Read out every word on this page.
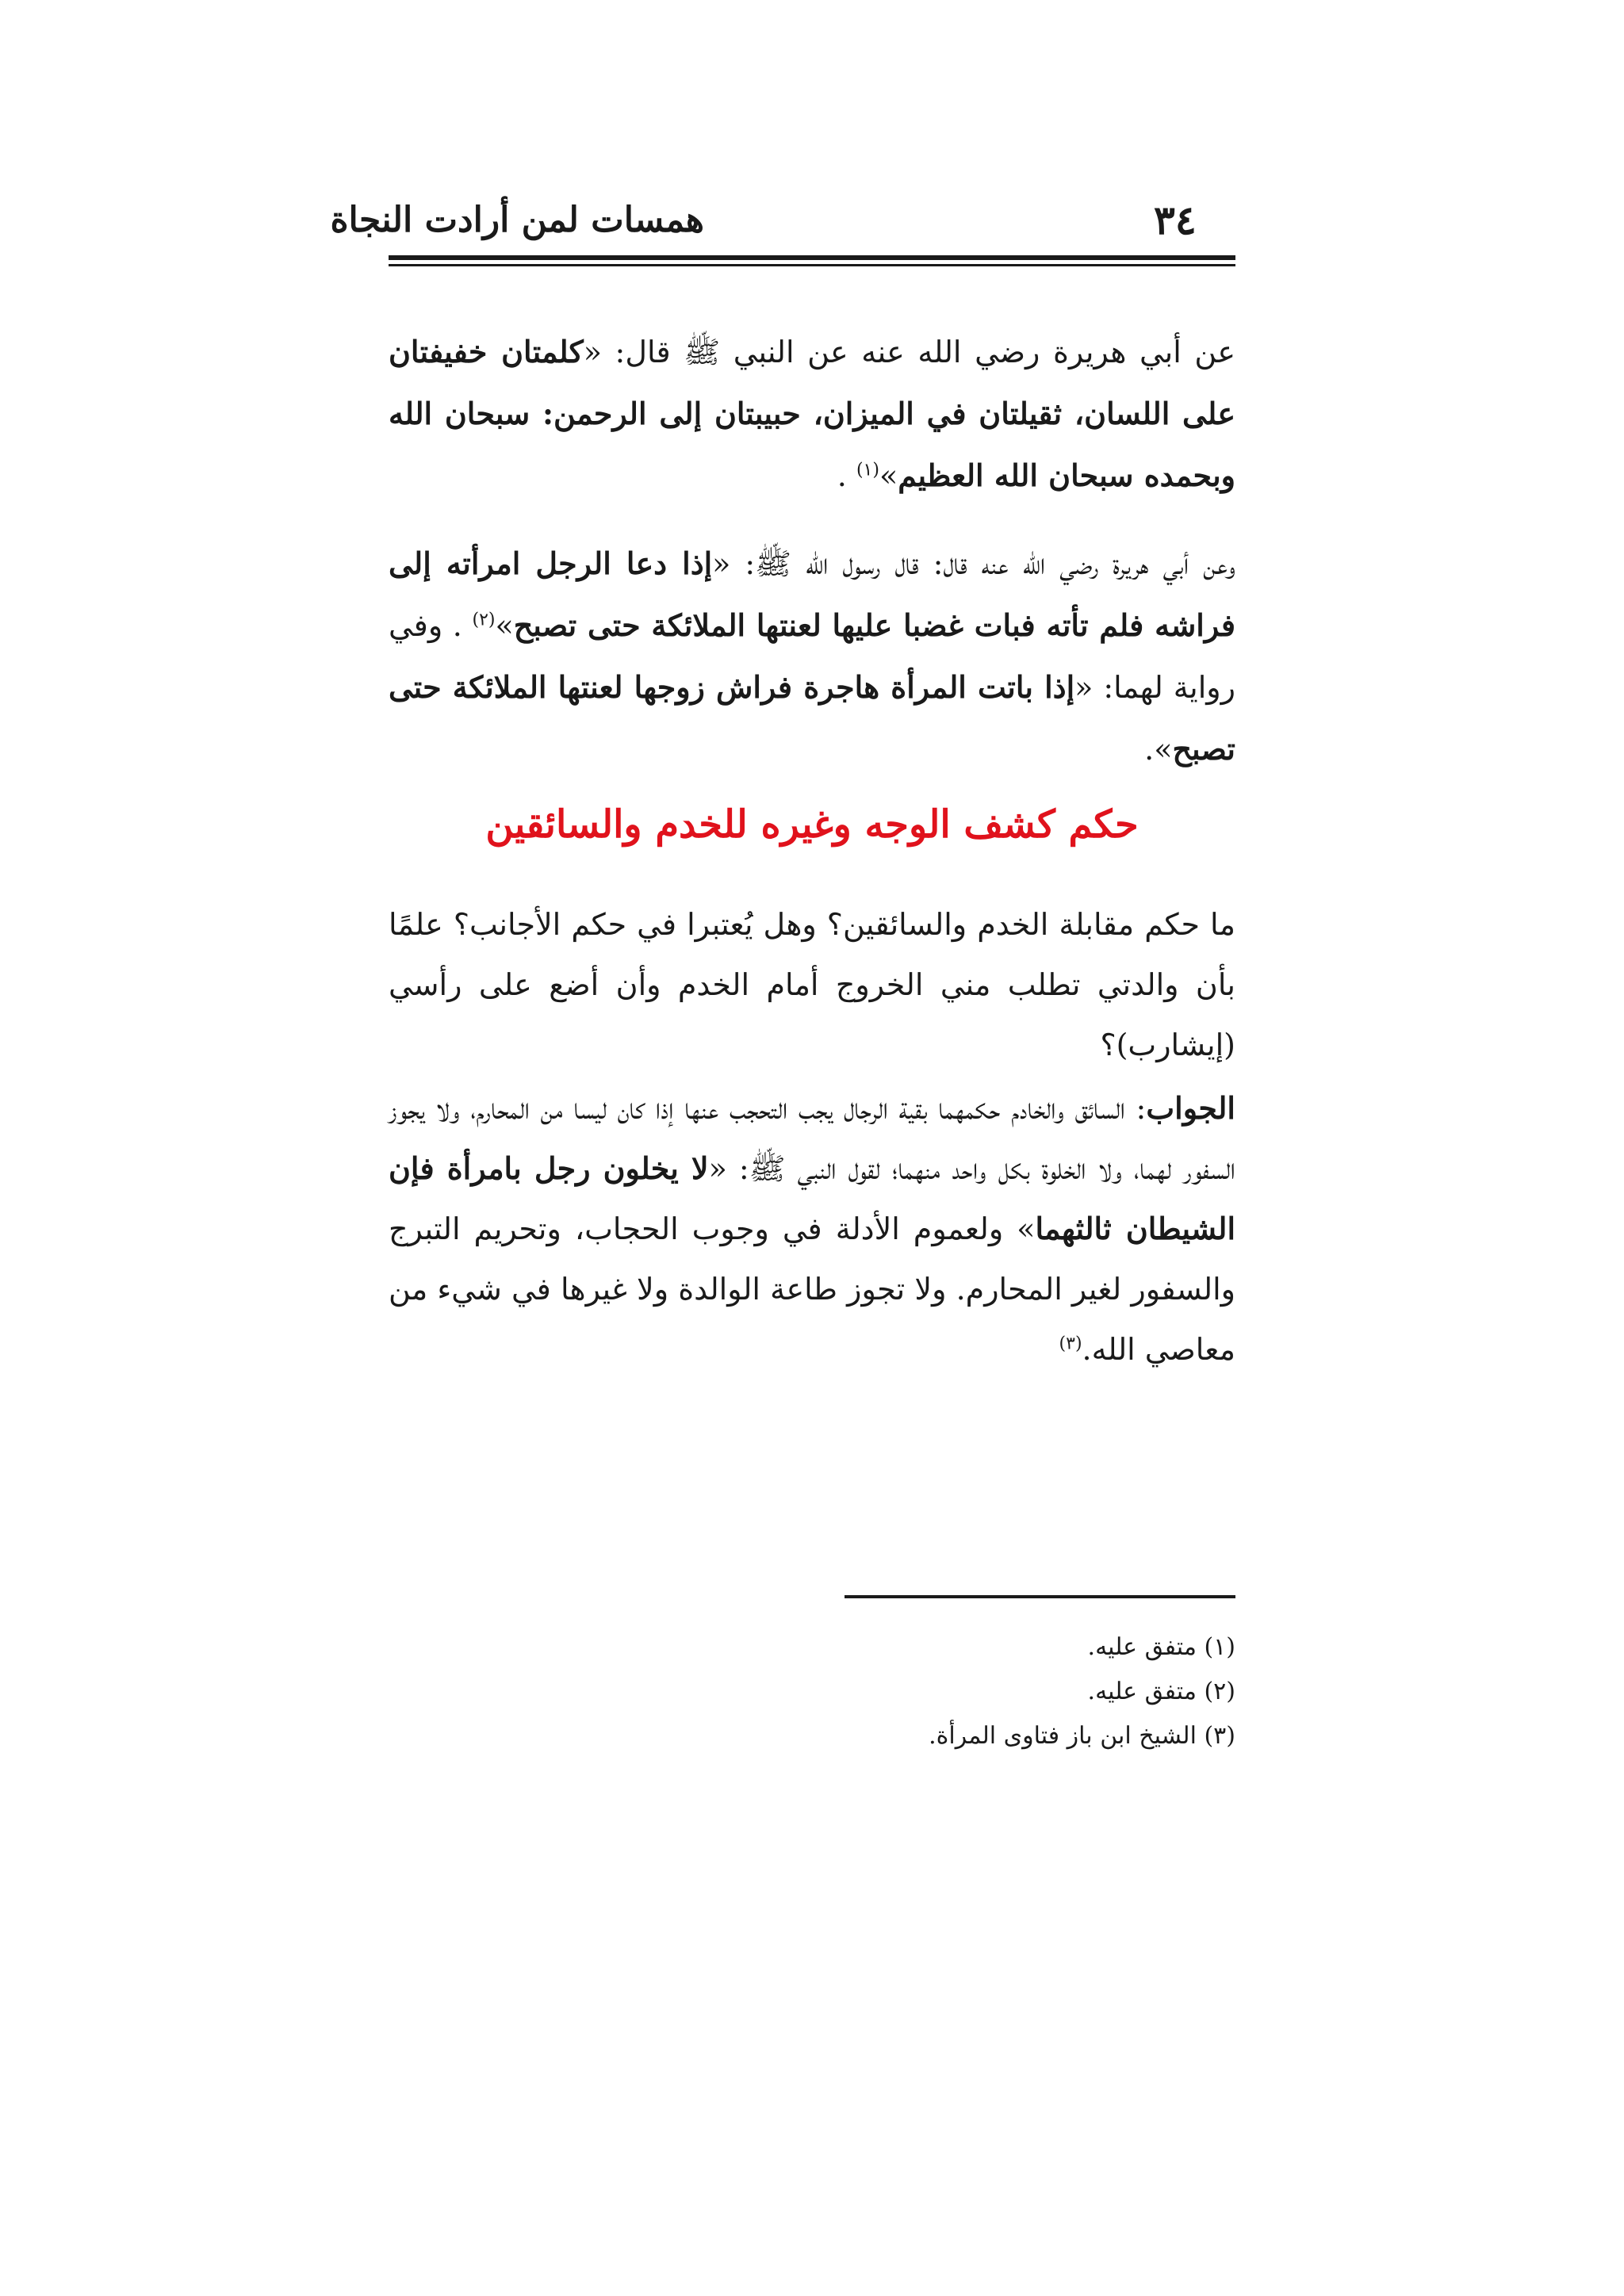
همسات لمن أرادت النجاة	٣٤

عن أبي هريرة رضي الله عنه عن النبي ﷺ قال: «كلمتان خفيفتان على اللسان، ثقيلتان في الميزان، حبيبتان إلى الرحمن: سبحان الله وبحمده سبحان الله العظيم»$^{(١)}$ .

وعن أبي هريرة رضي الله عنه قال: قال رسول الله ﷺ: «إذا دعا الرجل امرأته إلى فراشه فلم تأته فبات غضبا عليها لعنتها الملائكة حتى تصبح»$^{(٢)}$ . وفي رواية لهما: «إذا باتت المرأة هاجرة فراش زوجها لعنتها الملائكة حتى تصبح».

حكم كشف الوجه وغيره للخدم والسائقين

ما حكم مقابلة الخدم والسائقين؟ وهل يُعتبرا في حكم الأجانب؟ علمًا بأن والدتي تطلب مني الخروج أمام الخدم وأن أضع على رأسي (إيشارب)؟

الجواب: السائق والخادم حكمهما بقية الرجال يجب التحجب عنها إذا كان ليسا من المحارم، ولا يجوز السفور لهما، ولا الخلوة بكل واحد منهما؛ لقول النبي ﷺ: «لا يخلون رجل بامرأة فإن الشيطان ثالثهما» ولعموم الأدلة في وجوب الحجاب، وتحريم التبرج والسفور لغير المحارم. ولا تجوز طاعة الوالدة ولا غيرها في شيء من معاصي الله.$^{(٣)}$

(١) متفق عليه.
(٢) متفق عليه.
(٣) الشيخ ابن باز فتاوى المرأة.
